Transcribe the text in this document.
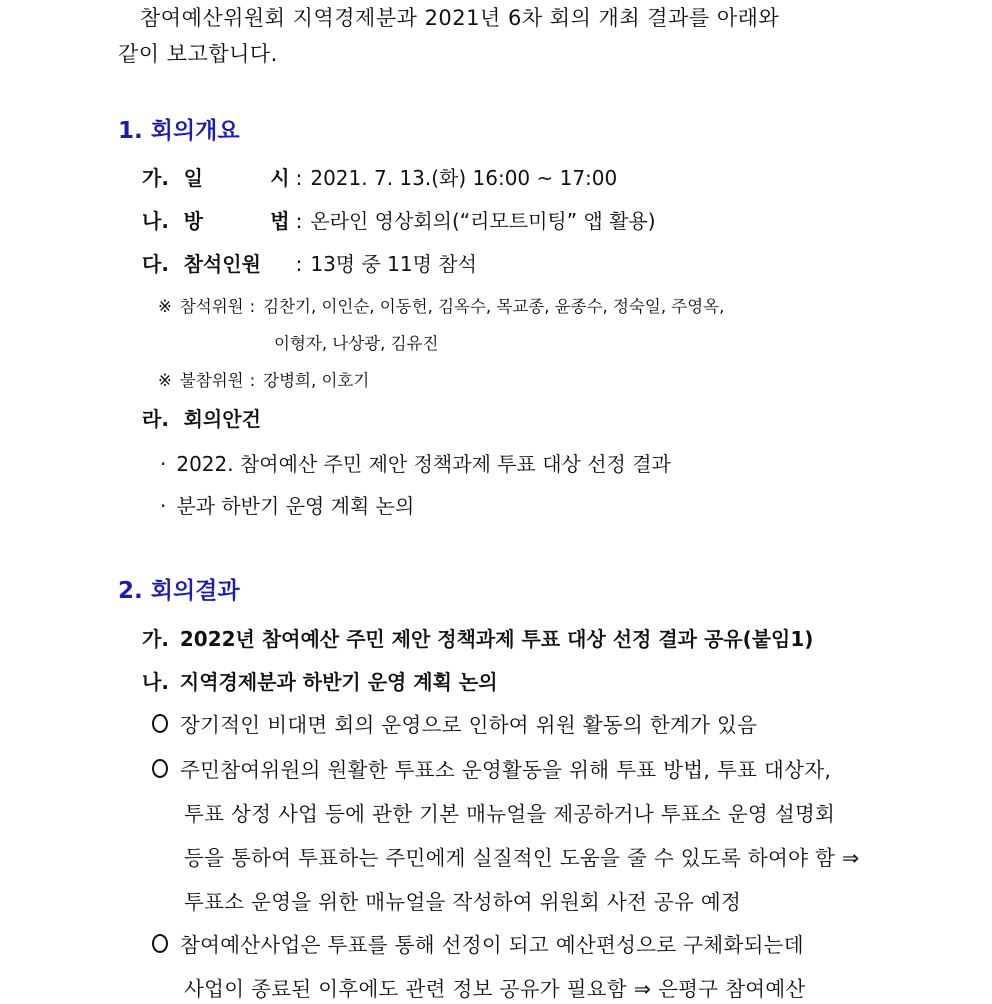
참여예산위원회 지역경제분과 2021년 6차 회의 개최 결과를 아래와
같이 보고합니다.
1. 회의개요
가. 일	시 : 2021. 7. 13.(화) 16:00 ~ 17:00
나. 방	법 : 온라인 영상회의(“리모트미팅” 앱 활용)
다. 참석인원 : 13명 중 11명 참석
※ 참석위원 : 김찬기, 이인순, 이동헌, 김옥수, 목교종, 윤종수, 정숙일, 주영옥,
이형자, 나상광, 김유진
※ 불참위원 : 강병희, 이호기
라. 회의안건
· 2022. 참여예산 주민 제안 정책과제 투표 대상 선정 결과
· 분과 하반기 운영 계획 논의
2. 회의결과
가. 2022년 참여예산 주민 제안 정책과제 투표 대상 선정 결과 공유(붙임1)
나. 지역경제분과 하반기 운영 계획 논의
장기적인 비대면 회의 운영으로 인하여 위원 활동의 한계가 있음
주민참여위원의 원활한 투표소 운영활동을 위해 투표 방법, 투표 대상자,
투표 상정 사업 등에 관한 기본 매뉴얼을 제공하거나 투표소 운영 설명회
등을 통하여 투표하는 주민에게 실질적인 도움을 줄 수 있도록 하여야 함 ⇒
투표소 운영을 위한 매뉴얼을 작성하여 위원회 사전 공유 예정
참여예산사업은 투표를 통해 선정이 되고 예산편성으로 구체화되는데
사업이 종료된 이후에도 관련 정보 공유가 필요함 ⇒ 은평구 참여예산
